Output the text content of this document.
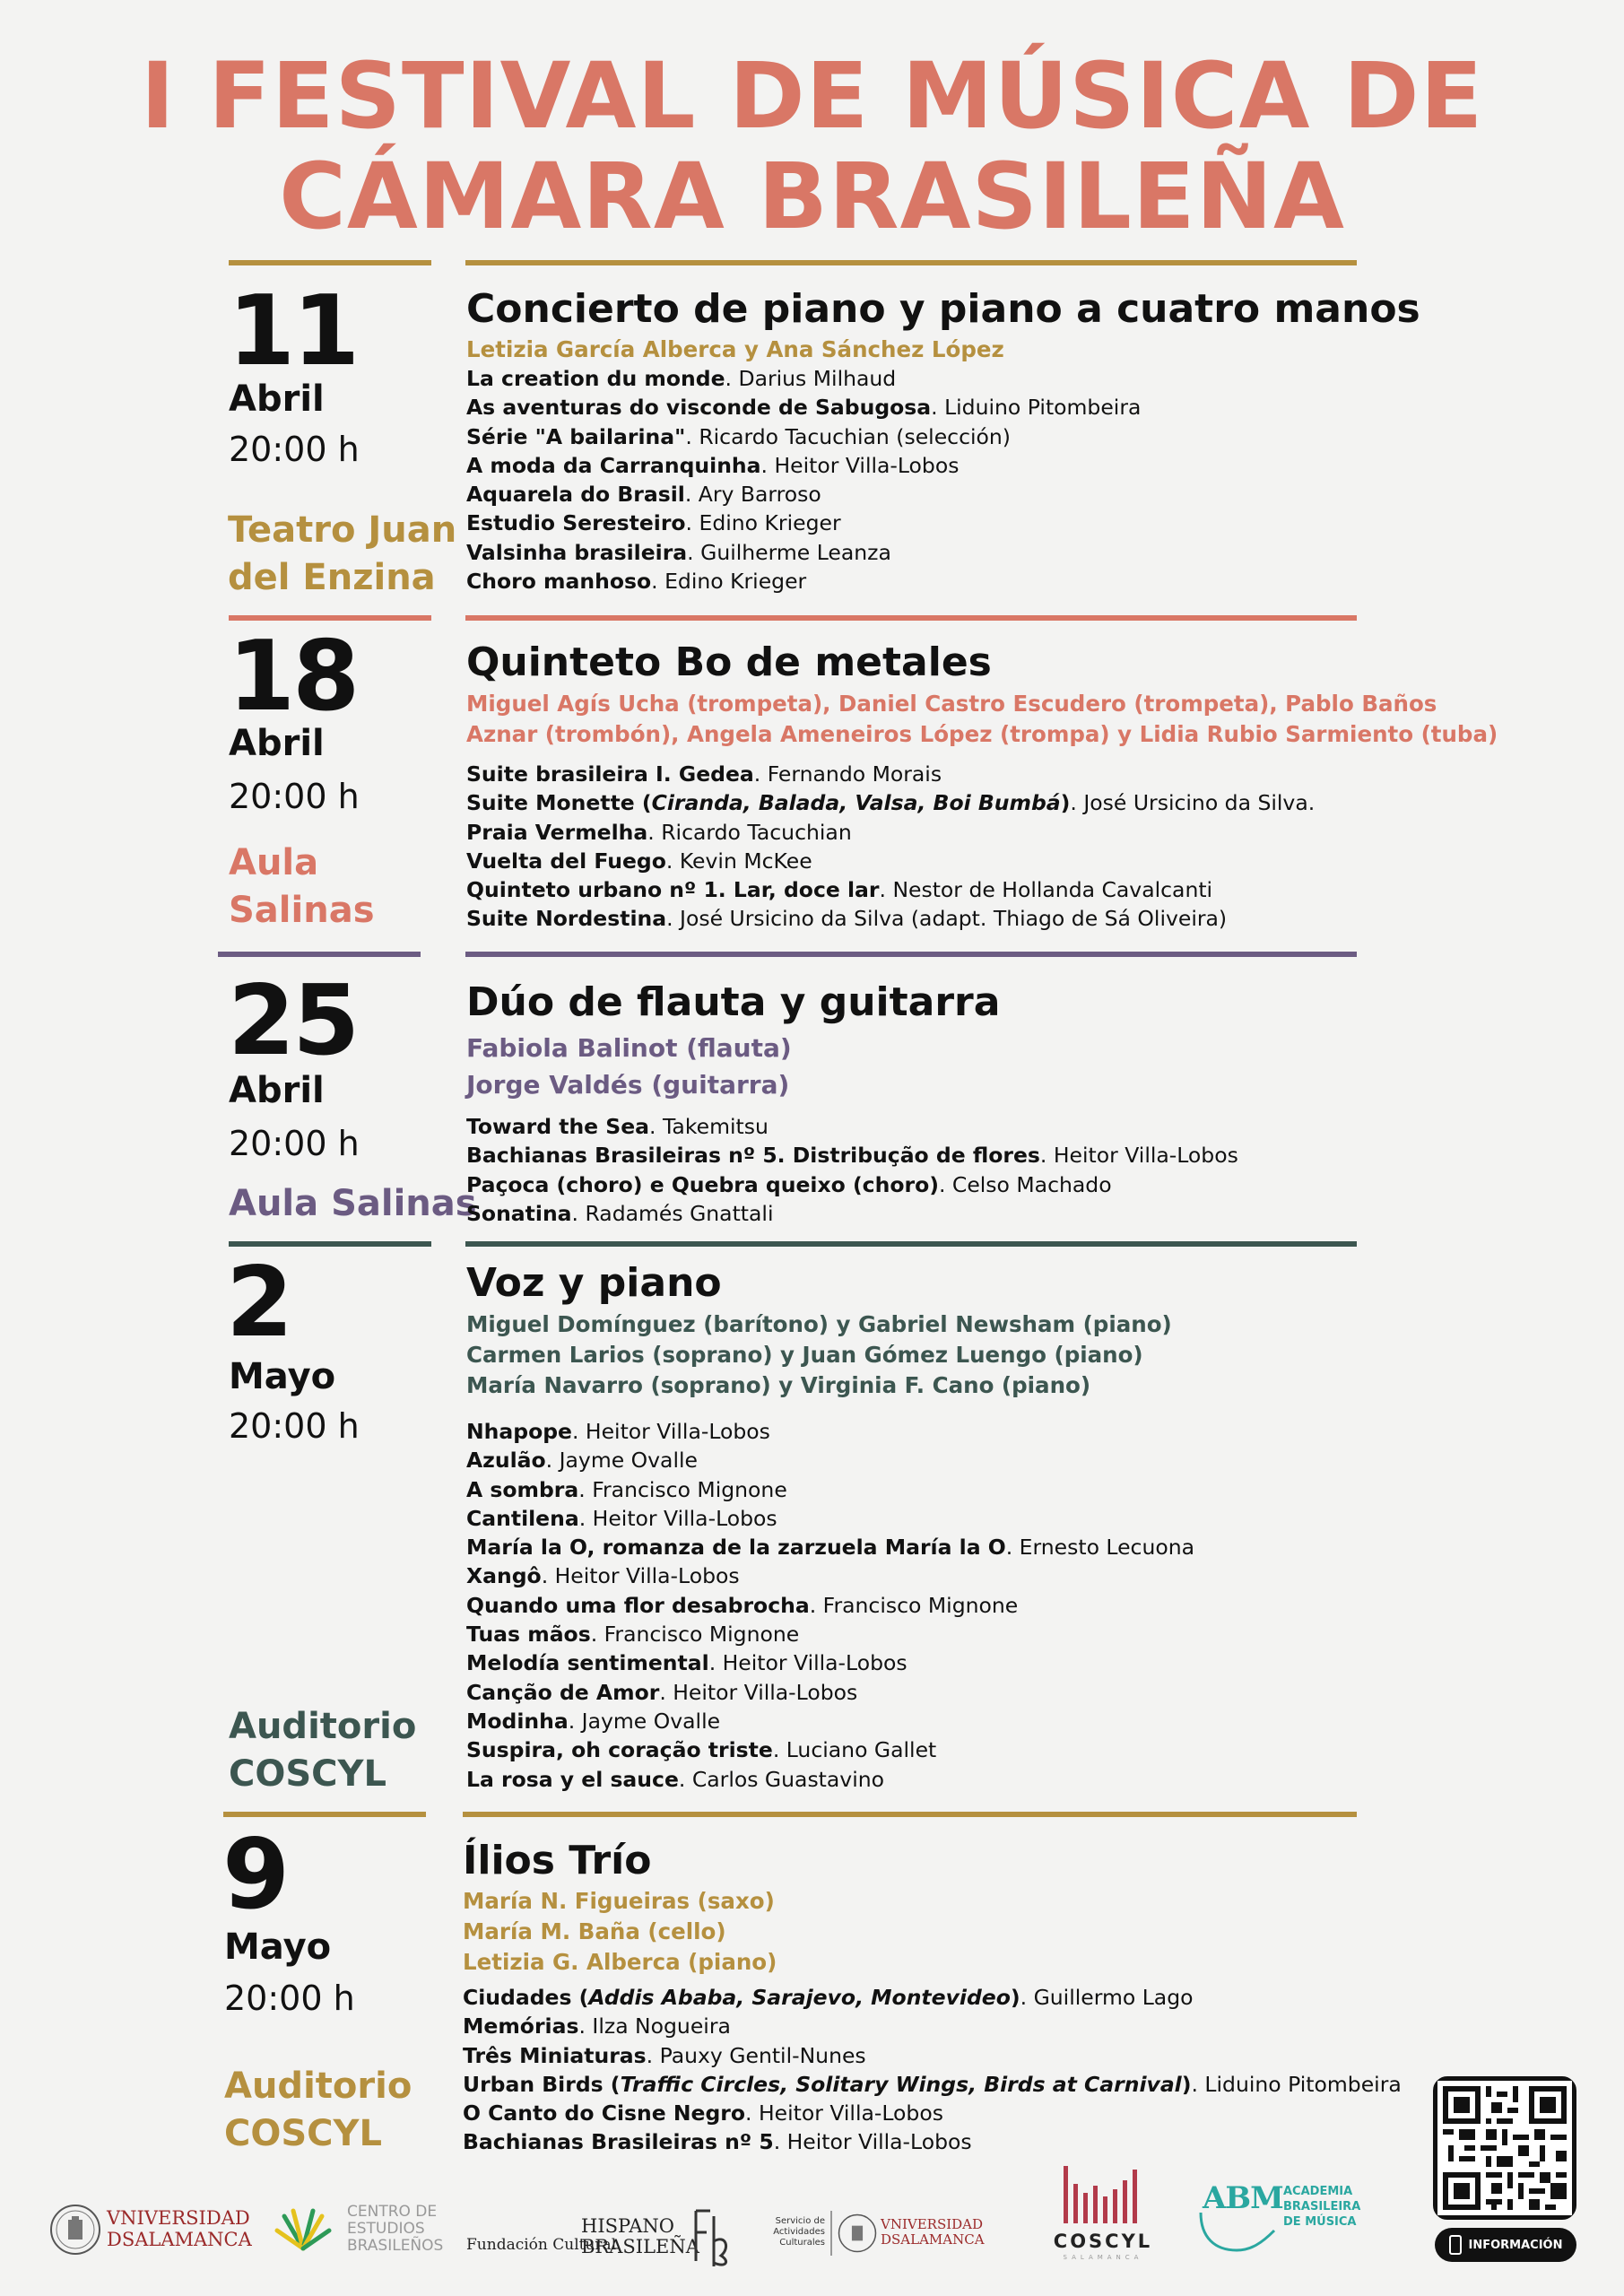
I FESTIVAL DE MÚSICA DE
CÁMARA BRASILEÑA
11
Abril
20:00 h
Teatro Juan
del Enzina
Concierto de piano y piano a cuatro manos
Letizia García Alberca y Ana Sánchez López
La creation du monde. Darius Milhaud
As aventuras do visconde de Sabugosa. Liduino Pitombeira
Série "A bailarina". Ricardo Tacuchian (selección)
A moda da Carranquinha. Heitor Villa-Lobos
Aquarela do Brasil. Ary Barroso
Estudio Seresteiro. Edino Krieger
Valsinha brasileira. Guilherme Leanza
Choro manhoso. Edino Krieger
18
Abril
20:00 h
Aula
Salinas
Quinteto Bo de metales
Miguel Agís Ucha (trompeta), Daniel Castro Escudero (trompeta), Pablo Baños
Aznar (trombón), Angela Ameneiros López (trompa) y Lidia Rubio Sarmiento (tuba)
Suite brasileira I. Gedea. Fernando Morais
Suite Monette (Ciranda, Balada, Valsa, Boi Bumbá). José Ursicino da Silva.
Praia Vermelha. Ricardo Tacuchian
Vuelta del Fuego. Kevin McKee
Quinteto urbano nº 1. Lar, doce lar. Nestor de Hollanda Cavalcanti
Suite Nordestina. José Ursicino da Silva (adapt. Thiago de Sá Oliveira)
25
Abril
20:00 h
Aula Salinas
Dúo de flauta y guitarra
Fabiola Balinot (flauta)
Jorge Valdés (guitarra)
Toward the Sea. Takemitsu
Bachianas Brasileiras nº 5. Distribução de flores. Heitor Villa-Lobos
Paçoca (choro) e Quebra queixo (choro). Celso Machado
Sonatina. Radamés Gnattali
2
Mayo
20:00 h
Auditorio
COSCYL
Voz y piano
Miguel Domínguez (barítono) y Gabriel Newsham (piano)
Carmen Larios (soprano) y Juan Gómez Luengo (piano)
María Navarro (soprano) y Virginia F. Cano (piano)
Nhapope. Heitor Villa-Lobos
Azulão. Jayme Ovalle
A sombra. Francisco Mignone
Cantilena. Heitor Villa-Lobos
María la O, romanza de la zarzuela María la O. Ernesto Lecuona
Xangô. Heitor Villa-Lobos
Quando uma flor desabrocha. Francisco Mignone
Tuas mãos. Francisco Mignone
Melodía sentimental. Heitor Villa-Lobos
Canção de Amor. Heitor Villa-Lobos
Modinha. Jayme Ovalle
Suspira, oh coração triste. Luciano Gallet
La rosa y el sauce. Carlos Guastavino
9
Mayo
20:00 h
Auditorio
COSCYL
Ílios Trío
María N. Figueiras (saxo)
María M. Baña (cello)
Letizia G. Alberca (piano)
Ciudades (Addis Ababa, Sarajevo, Montevideo). Guillermo Lago
Memórias. Ilza Nogueira
Três Miniaturas. Pauxy Gentil-Nunes
Urban Birds (Traffic Circles, Solitary Wings, Birds at Carnival). Liduino Pitombeira
O Canto do Cisne Negro. Heitor Villa-Lobos
Bachianas Brasileiras nº 5. Heitor Villa-Lobos
INFORMACIÓN
VNIVERSIDAD
DSALAMANCA
CENTRO DE
ESTUDIOS
BRASILEÑOS Fundación Cultural
HISPANO
BRASILEÑA
Servicio de
Actividades
Culturales
VNIVERSIDAD
DSALAMANCA	COSCYL
SALAMANCA
ABM ACADEMIA
BRASILEIRA
DE MÚSICA
